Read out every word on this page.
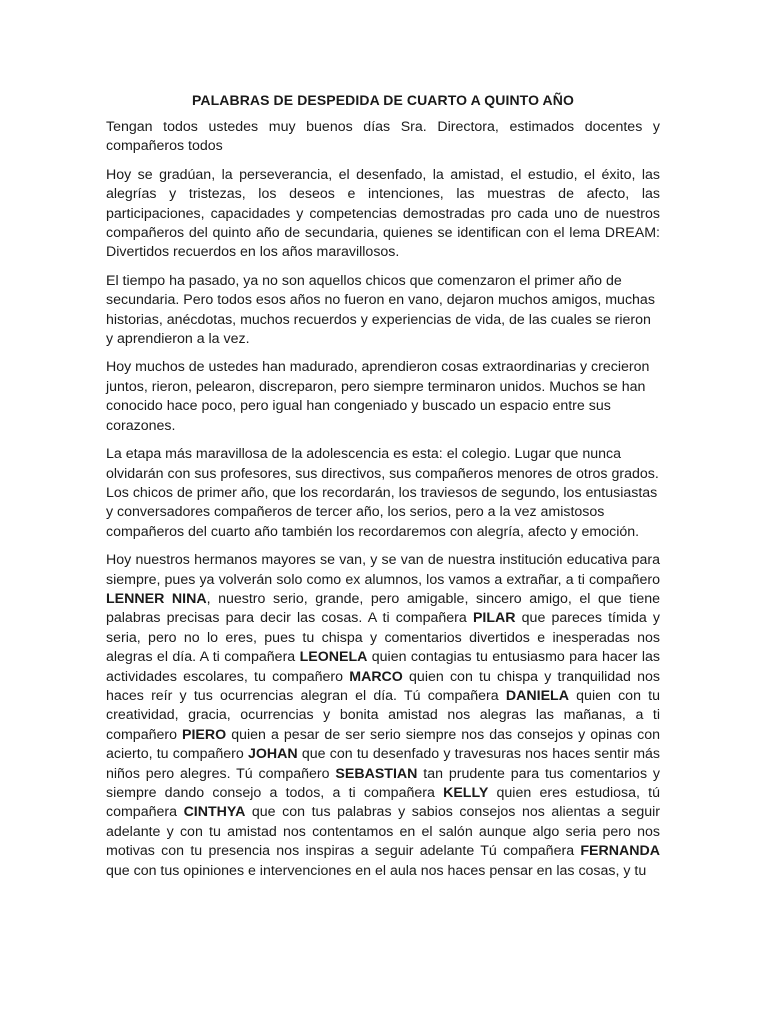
PALABRAS DE DESPEDIDA DE CUARTO A QUINTO AÑO

Tengan todos ustedes muy buenos días Sra. Directora, estimados docentes y compañeros todos

Hoy se gradúan, la perseverancia, el desenfado, la amistad, el estudio, el éxito, las alegrías y tristezas, los deseos e intenciones, las muestras de afecto, las participaciones, capacidades y competencias demostradas pro cada uno de nuestros compañeros del quinto año de secundaria, quienes se identifican con el lema DREAM: Divertidos recuerdos en los años maravillosos.

El tiempo ha pasado, ya no son aquellos chicos que comenzaron el primer año de secundaria. Pero todos esos años no fueron en vano, dejaron muchos amigos, muchas historias, anécdotas, muchos recuerdos y experiencias de vida, de las cuales se rieron y aprendieron a la vez.

Hoy muchos de ustedes han madurado, aprendieron cosas extraordinarias y crecieron juntos, rieron, pelearon, discreparon, pero siempre terminaron unidos. Muchos se han conocido hace poco, pero igual han congeniado y buscado un espacio entre sus corazones.

La etapa más maravillosa de la adolescencia es esta: el colegio. Lugar que nunca olvidarán con sus profesores, sus directivos, sus compañeros menores de otros grados. Los chicos de primer año, que los recordarán, los traviesos de segundo, los entusiastas y conversadores compañeros de tercer año, los serios, pero a la vez amistosos compañeros del cuarto año también los recordaremos con alegría, afecto y emoción.

Hoy nuestros hermanos mayores se van, y se van de nuestra institución educativa para siempre, pues ya volverán solo como ex alumnos, los vamos a extrañar, a ti compañero LENNER NINA, nuestro serio, grande, pero amigable, sincero amigo, el que tiene palabras precisas para decir las cosas. A ti compañera PILAR que pareces tímida y seria, pero no lo eres, pues tu chispa y comentarios divertidos e inesperadas nos alegras el día. A ti compañera LEONELA quien contagias tu entusiasmo para hacer las actividades escolares, tu compañero MARCO quien con tu chispa y tranquilidad nos haces reír y tus ocurrencias alegran el día. Tú compañera DANIELA quien con tu creatividad, gracia, ocurrencias y bonita amistad nos alegras las mañanas, a ti compañero PIERO quien a pesar de ser serio siempre nos das consejos y opinas con acierto, tu compañero JOHAN que con tu desenfado y travesuras nos haces sentir más niños pero alegres. Tú compañero SEBASTIAN tan prudente para tus comentarios y siempre dando consejo a todos, a ti compañera KELLY quien eres estudiosa, tú compañera CINTHYA que con tus palabras y sabios consejos nos alientas a seguir adelante y con tu amistad nos contentamos en el salón aunque algo seria pero nos motivas con tu presencia nos inspiras a seguir adelante Tú compañera FERNANDA que con tus opiniones e intervenciones en el aula nos haces pensar en las cosas, y tu
